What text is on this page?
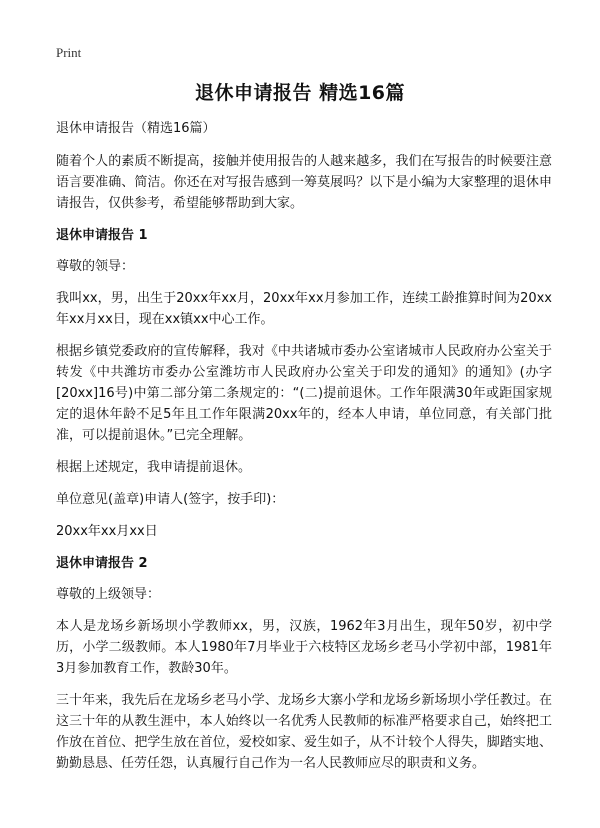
Print
退休申请报告 精选16篇

退休申请报告（精选16篇）

随着个人的素质不断提高，接触并使用报告的人越来越多，我们在写报告的时候要注意语言要准确、简洁。你还在对写报告感到一筹莫展吗？以下是小编为大家整理的退休申请报告，仅供参考，希望能够帮助到大家。

退休申请报告 1

尊敬的领导：

我叫xx，男，出生于20xx年xx月，20xx年xx月参加工作，连续工龄推算时间为20xx年xx月xx日，现在xx镇xx中心工作。

根据乡镇党委政府的宣传解释，我对《中共诸城市委办公室诸城市人民政府办公室关于转发《中共潍坊市委办公室潍坊市人民政府办公室关于印发的通知》的通知》(办字[20xx]16号)中第二部分第二条规定的：“(二)提前退休。工作年限满30年或距国家规定的退休年龄不足5年且工作年限满20xx年的，经本人申请，单位同意，有关部门批准，可以提前退休。”已完全理解。

根据上述规定，我申请提前退休。

单位意见(盖章)申请人(签字，按手印)：

20xx年xx月xx日

退休申请报告 2

尊敬的上级领导：

本人是龙场乡新场坝小学教师xx，男，汉族，1962年3月出生，现年50岁，初中学历，小学二级教师。本人1980年7月毕业于六枝特区龙场乡老马小学初中部，1981年3月参加教育工作，教龄30年。

三十年来，我先后在龙场乡老马小学、龙场乡大寨小学和龙场乡新场坝小学任教过。在这三十年的从教生涯中，本人始终以一名优秀人民教师的标准严格要求自己，始终把工作放在首位、把学生放在首位，爱校如家、爱生如子，从不计较个人得失，脚踏实地、勤勤恳恳、任劳任怨，认真履行自己作为一名人民教师应尽的职责和义务。
